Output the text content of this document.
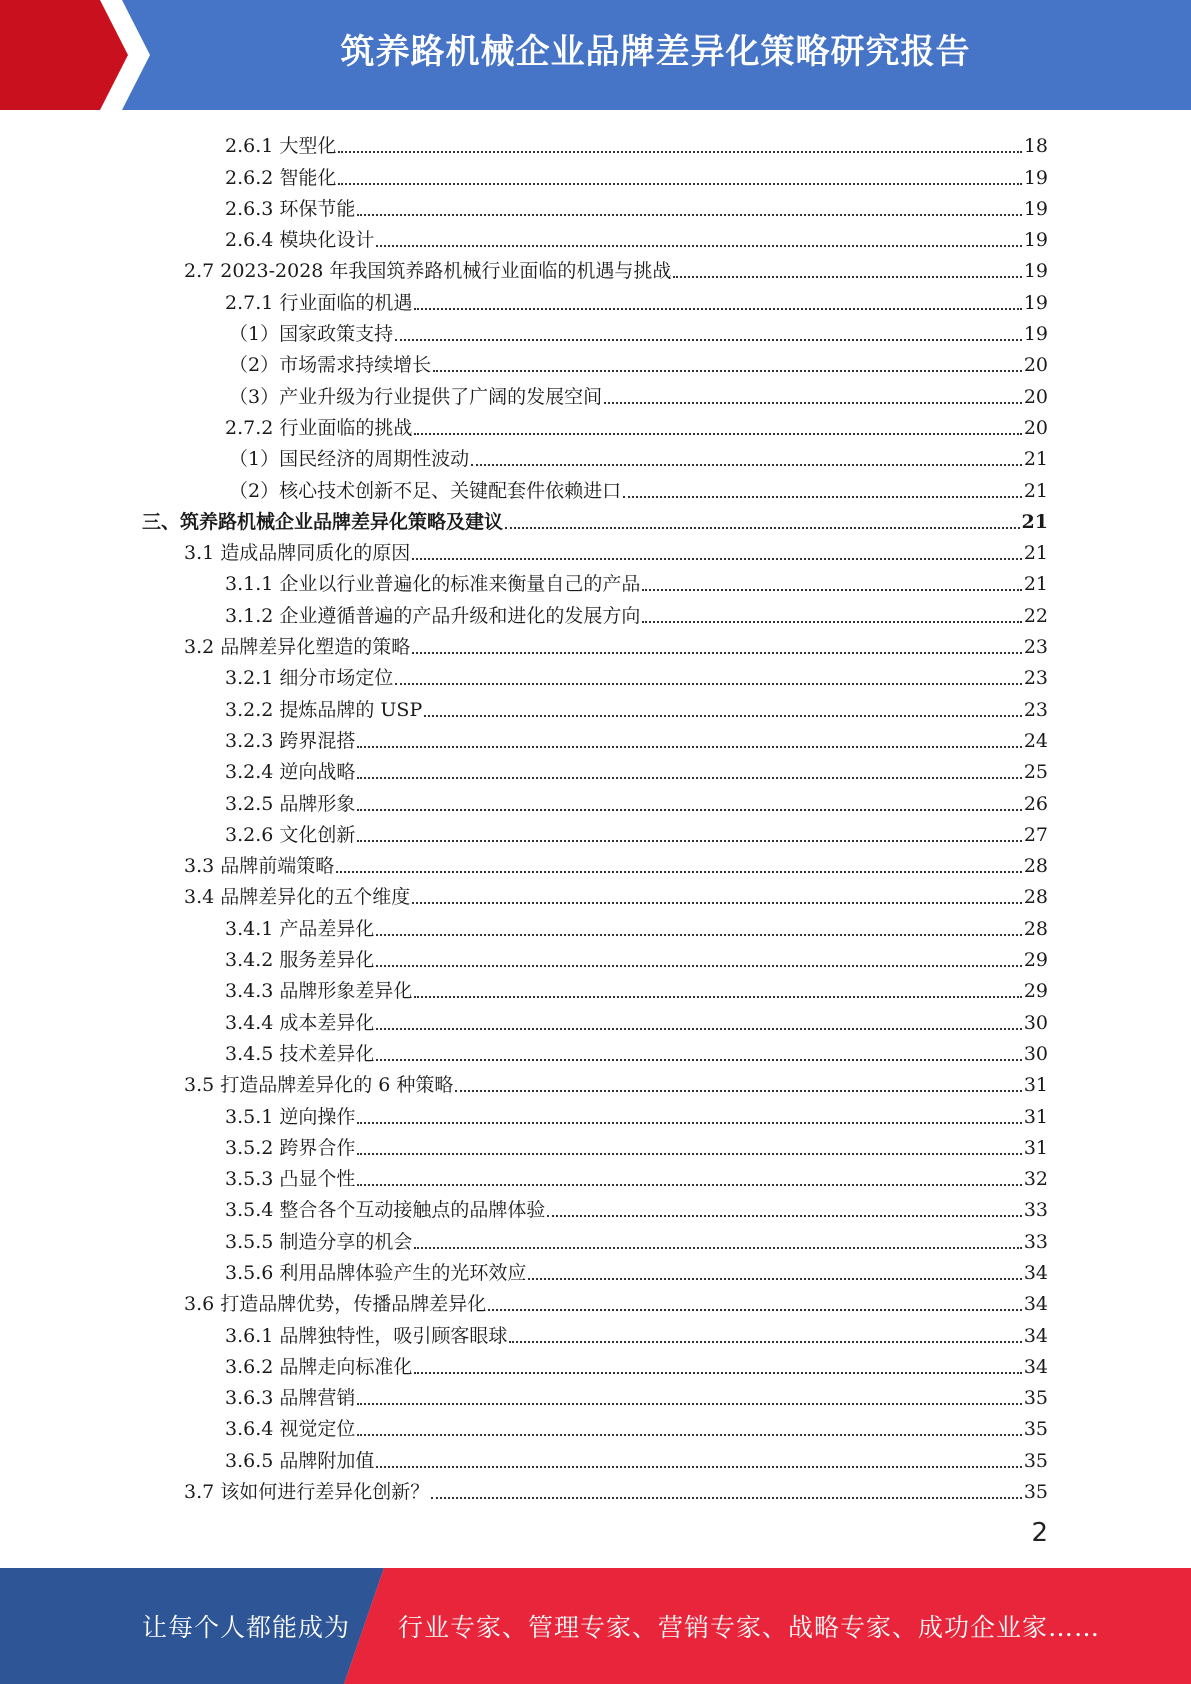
筑养路机械企业品牌差异化策略研究报告
2.6.1 大型化	18
2.6.2 智能化	19
2.6.3 环保节能	19
2.6.4 模块化设计	19
2.7 2023-2028 年我国筑养路机械行业面临的机遇与挑战	19
2.7.1 行业面临的机遇	19
（1）国家政策支持	19
（2）市场需求持续增长	20
（3）产业升级为行业提供了广阔的发展空间	20
2.7.2 行业面临的挑战	20
（1）国民经济的周期性波动	21
（2）核心技术创新不足、关键配套件依赖进口	21
三、筑养路机械企业品牌差异化策略及建议	21
3.1 造成品牌同质化的原因	21
3.1.1 企业以行业普遍化的标准来衡量自己的产品	21
3.1.2 企业遵循普遍的产品升级和进化的发展方向	22
3.2 品牌差异化塑造的策略	23
3.2.1 细分市场定位	23
3.2.2 提炼品牌的 USP	23
3.2.3 跨界混搭	24
3.2.4 逆向战略	25
3.2.5 品牌形象	26
3.2.6 文化创新	27
3.3 品牌前端策略	28
3.4 品牌差异化的五个维度	28
3.4.1 产品差异化	28
3.4.2 服务差异化	29
3.4.3 品牌形象差异化	29
3.4.4 成本差异化	30
3.4.5 技术差异化	30
3.5 打造品牌差异化的 6 种策略	31
3.5.1 逆向操作	31
3.5.2 跨界合作	31
3.5.3 凸显个性	32
3.5.4 整合各个互动接触点的品牌体验	33
3.5.5 制造分享的机会	33
3.5.6 利用品牌体验产生的光环效应	34
3.6 打造品牌优势，传播品牌差异化	34
3.6.1 品牌独特性，吸引顾客眼球	34
3.6.2 品牌走向标准化	34
3.6.3 品牌营销	35
3.6.4 视觉定位	35
3.6.5 品牌附加值	35
3.7 该如何进行差异化创新？	35
2
让每个人都能成为 行业专家、管理专家、营销专家、战略专家、成功企业家……
